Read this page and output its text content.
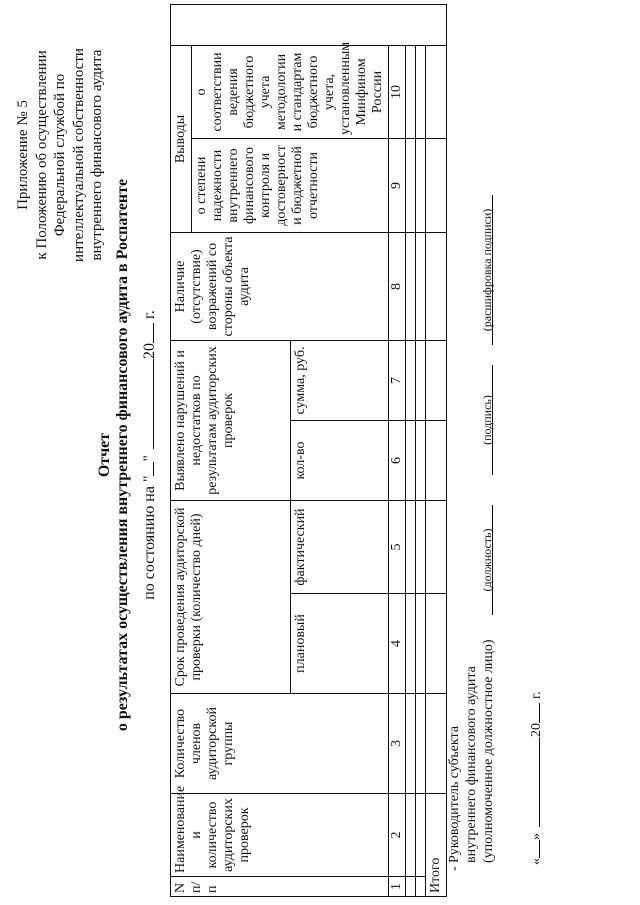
Приложение № 5 к Положению об осуществлении Федеральной службой по интеллектуальной собственности внутреннего финансового аудита
Отчет о результатах осуществления внутреннего финансового аудита в Роспатенте по состоянию на ""20г.
N п/п	Наименование и количество аудиторских проверок	Количество членов аудиторской группы	Срок проведения аудиторской проверки (количество дней)		Выявлено нарушений и недостатков по результатам аудиторских проверок		Наличие (отсутствие) возражений со стороны объекта аудита	Выводы		
								о степени надежности внутреннего финансового контроля и достоверност и бюджетной отчетности	о соответствии ведения бюджетного учета методологии и стандартам бюджетного учета, установленным Минфином России	
			плановый	фактический	кол-во	сумма, руб.				
1	2	3	4	5	6	7	8	9	10	

Итого										-
Руководитель субъекта внутреннего финансового аудита (уполномоченное должностное лицо)
(должность)
(подпись)
(расшифровка подписи)
«»20г.
